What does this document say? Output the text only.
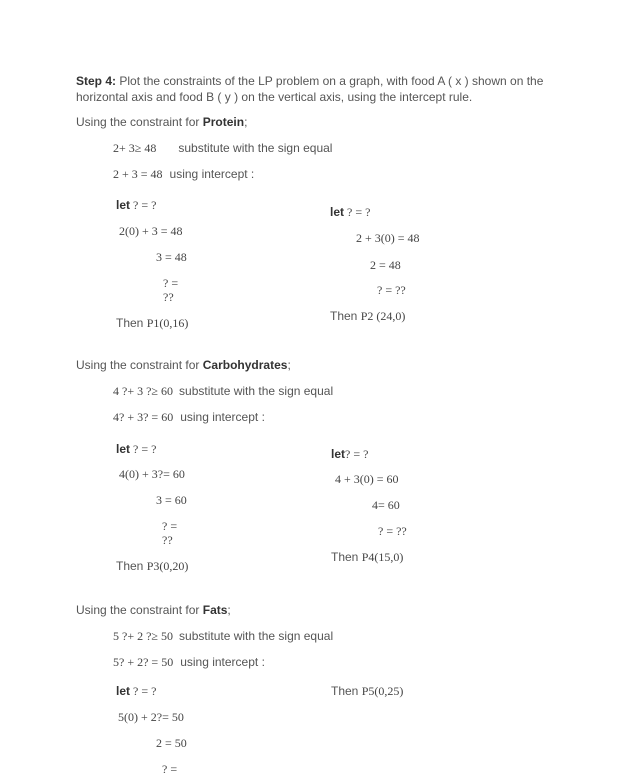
Step 4: Plot the constraints of the LP problem on a graph, with food A ( x ) shown on the horizontal axis and food B ( y ) on the vertical axis, using the intercept rule.
Using the constraint for Protein;
2+ 3≥ 48 substitute with the sign equal
2 + 3 = 48 using intercept :
let ? = ?
2(0) + 3 = 48
3 = 48
? =
??
Then P1(0,16)
let ? = ?
2 + 3(0) = 48
2 = 48
? = ??
Then P2 (24,0)
Using the constraint for Carbohydrates;
4 ?+ 3 ?≥ 60 substitute with the sign equal
4? + 3? = 60 using intercept :
let ? = ?
4(0) + 3?= 60
3 = 60
? =
??
Then P3(0,20)
let? = ?
4 + 3(0) = 60
4= 60
? = ??
Then P4(15,0)
Using the constraint for Fats;
5 ?+ 2 ?≥ 50 substitute with the sign equal
5? + 2? = 50 using intercept :
let ? = ?
5(0) + 2?= 50
2 = 50
? =
Then P5(0,25)
